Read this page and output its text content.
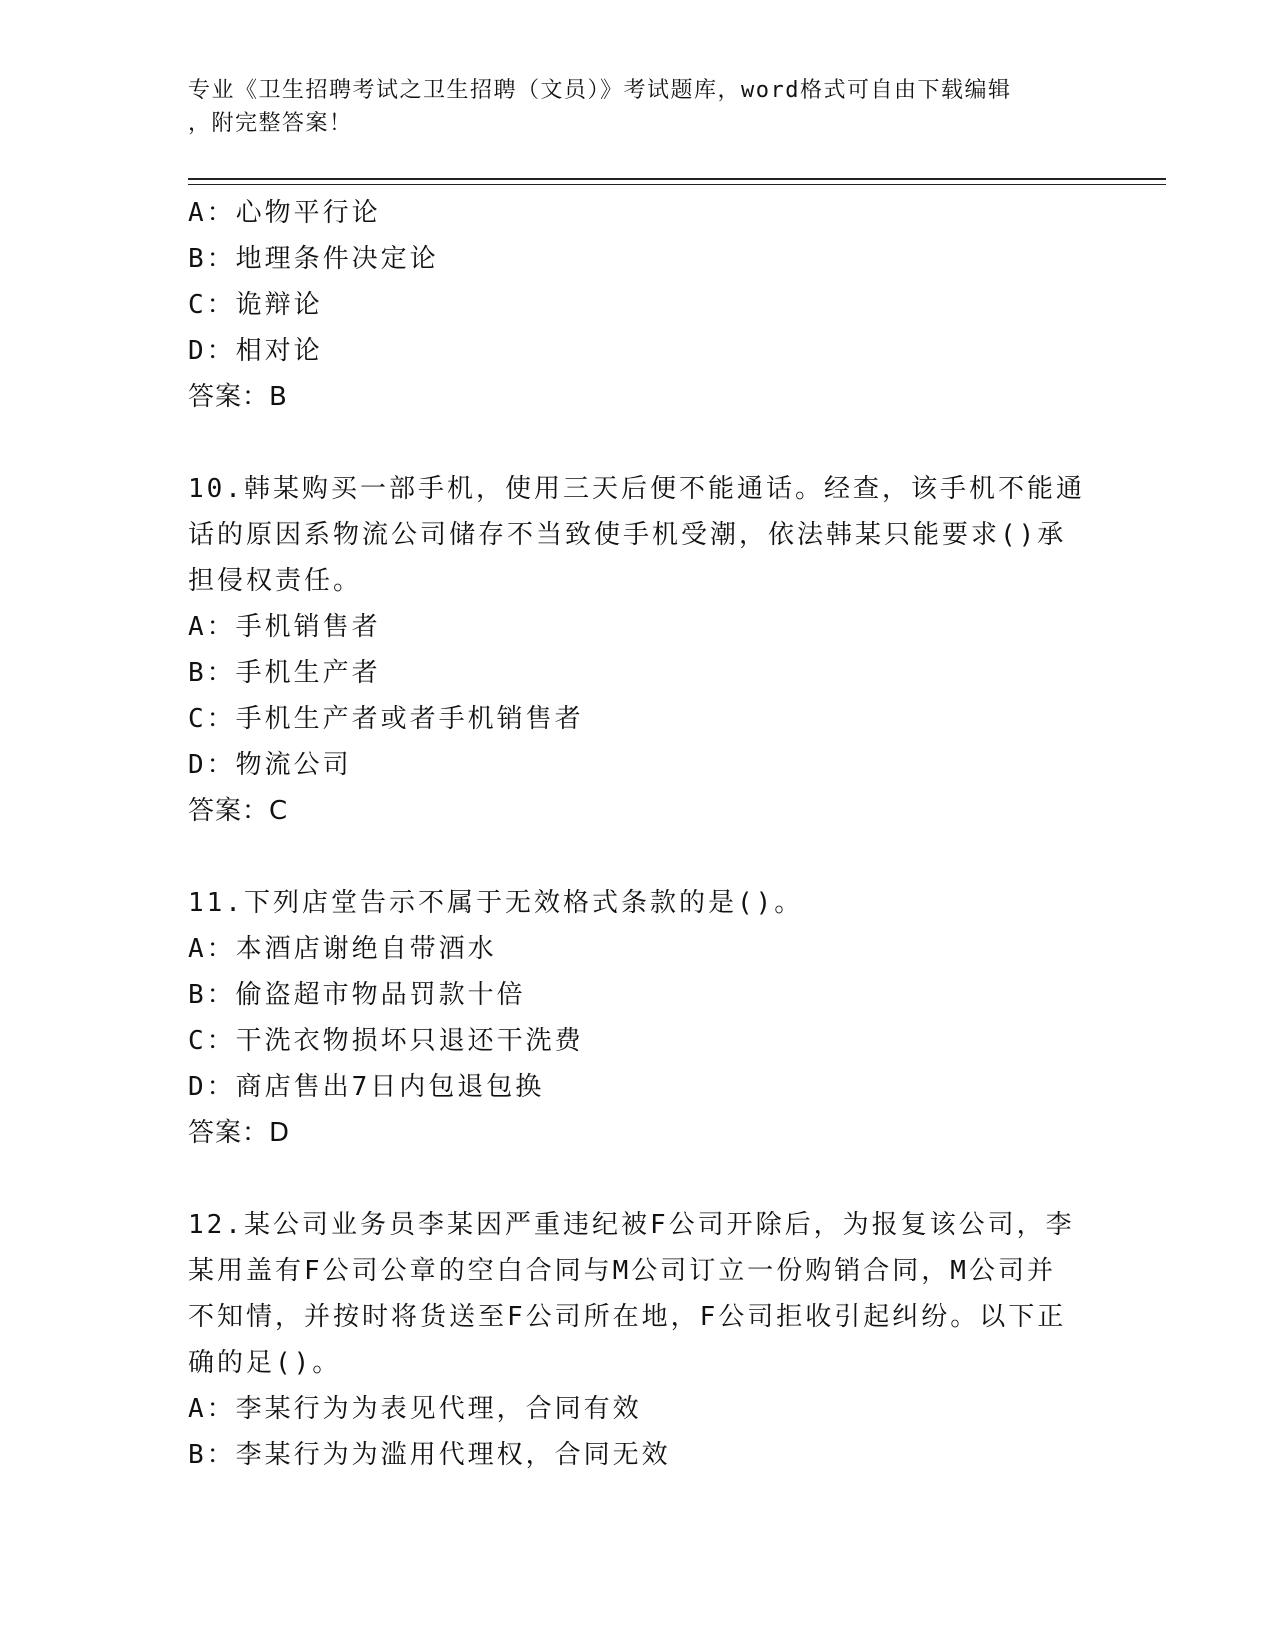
专业《卫生招聘考试之卫生招聘（文员）》考试题库，word格式可自由下载编辑
，附完整答案！
A：心物平行论
B：地理条件决定论
C：诡辩论
D：相对论
答案：B
10.韩某购买一部手机，使用三天后便不能通话。经查，该手机不能通
话的原因系物流公司储存不当致使手机受潮，依法韩某只能要求()承
担侵权责任。
A：手机销售者
B：手机生产者
C：手机生产者或者手机销售者
D：物流公司
答案：C
11.下列店堂告示不属于无效格式条款的是()。
A：本酒店谢绝自带酒水
B：偷盗超市物品罚款十倍
C：干洗衣物损坏只退还干洗费
D：商店售出7日内包退包换
答案：D
12.某公司业务员李某因严重违纪被F公司开除后，为报复该公司，李
某用盖有F公司公章的空白合同与M公司订立一份购销合同，M公司并
不知情，并按时将货送至F公司所在地，F公司拒收引起纠纷。以下正
确的足()。
A：李某行为为表见代理，合同有效
B：李某行为为滥用代理权，合同无效
